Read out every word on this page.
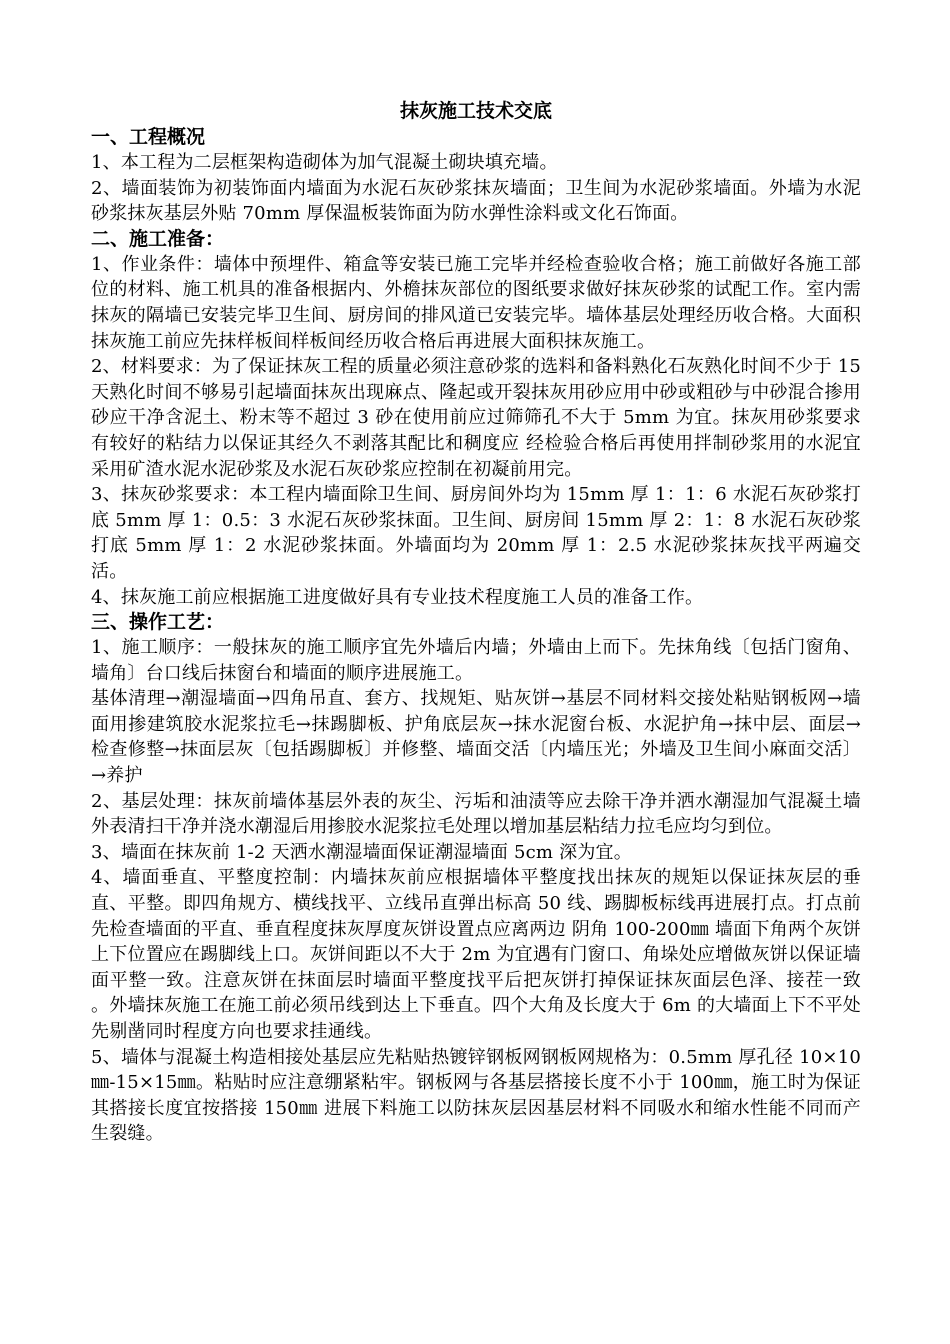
抹灰施工技术交底
一、工程概况

1、本工程为二层框架构造砌体为加气混凝土砌块填充墙。

2、墙面装饰为初装饰面内墙面为水泥石灰砂浆抹灰墙面；卫生间为水泥砂浆墙面。外墙为水泥砂浆抹灰基层外贴 70mm 厚保温板装饰面为防水弹性涂料或文化石饰面。

二、施工准备：

1、作业条件：墙体中预埋件、箱盒等安装已施工完毕并经检查验收合格；施工前做好各施工部位的材料、施工机具的准备根据内、外檐抹灰部位的图纸要求做好抹灰砂浆的试配工作。室内需抹灰的隔墙已安装完毕卫生间、厨房间的排风道已安装完毕。墙体基层处理经历收合格。大面积抹灰施工前应先抹样板间样板间经历收合格后再进展大面积抹灰施工。

2、材料要求：为了保证抹灰工程的质量必须注意砂浆的选料和备料熟化石灰熟化时间不少于 15 天熟化时间不够易引起墙面抹灰出现麻点、隆起或开裂抹灰用砂应用中砂或粗砂与中砂混合掺用砂应干净含泥土、粉末等不超过 3 砂在使用前应过筛筛孔不大于 5mm 为宜。抹灰用砂浆要求有较好的粘结力以保证其经久不剥落其配比和稠度应 经检验合格后再使用拌制砂浆用的水泥宜采用矿渣水泥水泥砂浆及水泥石灰砂浆应控制在初凝前用完。

3、抹灰砂浆要求：本工程内墙面除卫生间、厨房间外均为 15mm 厚 1：1：6 水泥石灰砂浆打底 5mm 厚 1：0.5：3 水泥石灰砂浆抹面。卫生间、厨房间 15mm 厚 2：1：8 水泥石灰砂浆打底 5mm 厚 1：2 水泥砂浆抹面。外墙面均为 20mm 厚 1：2.5 水泥砂浆抹灰找平两遍交活。

4、抹灰施工前应根据施工进度做好具有专业技术程度施工人员的准备工作。

三、操作工艺：

1、施工顺序：一般抹灰的施工顺序宜先外墙后内墙；外墙由上而下。先抹角线〔包括门窗角、墙角〕台口线后抹窗台和墙面的顺序进展施工。

基体清理→潮湿墙面→四角吊直、套方、找规矩、贴灰饼→基层不同材料交接处粘贴钢板网→墙面用掺建筑胶水泥浆拉毛→抹踢脚板、护角底层灰→抹水泥窗台板、水泥护角→抹中层、面层→检查修整→抹面层灰〔包括踢脚板〕并修整、墙面交活〔内墙压光；外墙及卫生间小麻面交活〕→养护

2、基层处理：抹灰前墙体基层外表的灰尘、污垢和油渍等应去除干净并洒水潮湿加气混凝土墙外表清扫干净并浇水潮湿后用掺胶水泥浆拉毛处理以增加基层粘结力拉毛应均匀到位。

3、墙面在抹灰前 1-2 天洒水潮湿墙面保证潮湿墙面 5cm 深为宜。

4、墙面垂直、平整度控制：内墙抹灰前应根据墙体平整度找出抹灰的规矩以保证抹灰层的垂直、平整。即四角规方、横线找平、立线吊直弹出标高 50 线、踢脚板标线再进展打点。打点前先检查墙面的平直、垂直程度抹灰厚度灰饼设置点应离两边 阴角 100-200㎜ 墙面下角两个灰饼上下位置应在踢脚线上口。灰饼间距以不大于 2m 为宜遇有门窗口、角垛处应增做灰饼以保证墙面平整一致。注意灰饼在抹面层时墙面平整度找平后把灰饼打掉保证抹灰面层色泽、接茬一致 。外墙抹灰施工在施工前必须吊线到达上下垂直。四个大角及长度大于 6m 的大墙面上下不平处先剔凿同时程度方向也要求挂通线。

5、墙体与混凝土构造相接处基层应先粘贴热镀锌钢板网钢板网规格为：0.5mm 厚孔径 10×10㎜-15×15㎜。粘贴时应注意绷紧粘牢。钢板网与各基层搭接长度不小于 100㎜，施工时为保证其搭接长度宜按搭接 150㎜ 进展下料施工以防抹灰层因基层材料不同吸水和缩水性能不同而产生裂缝。
